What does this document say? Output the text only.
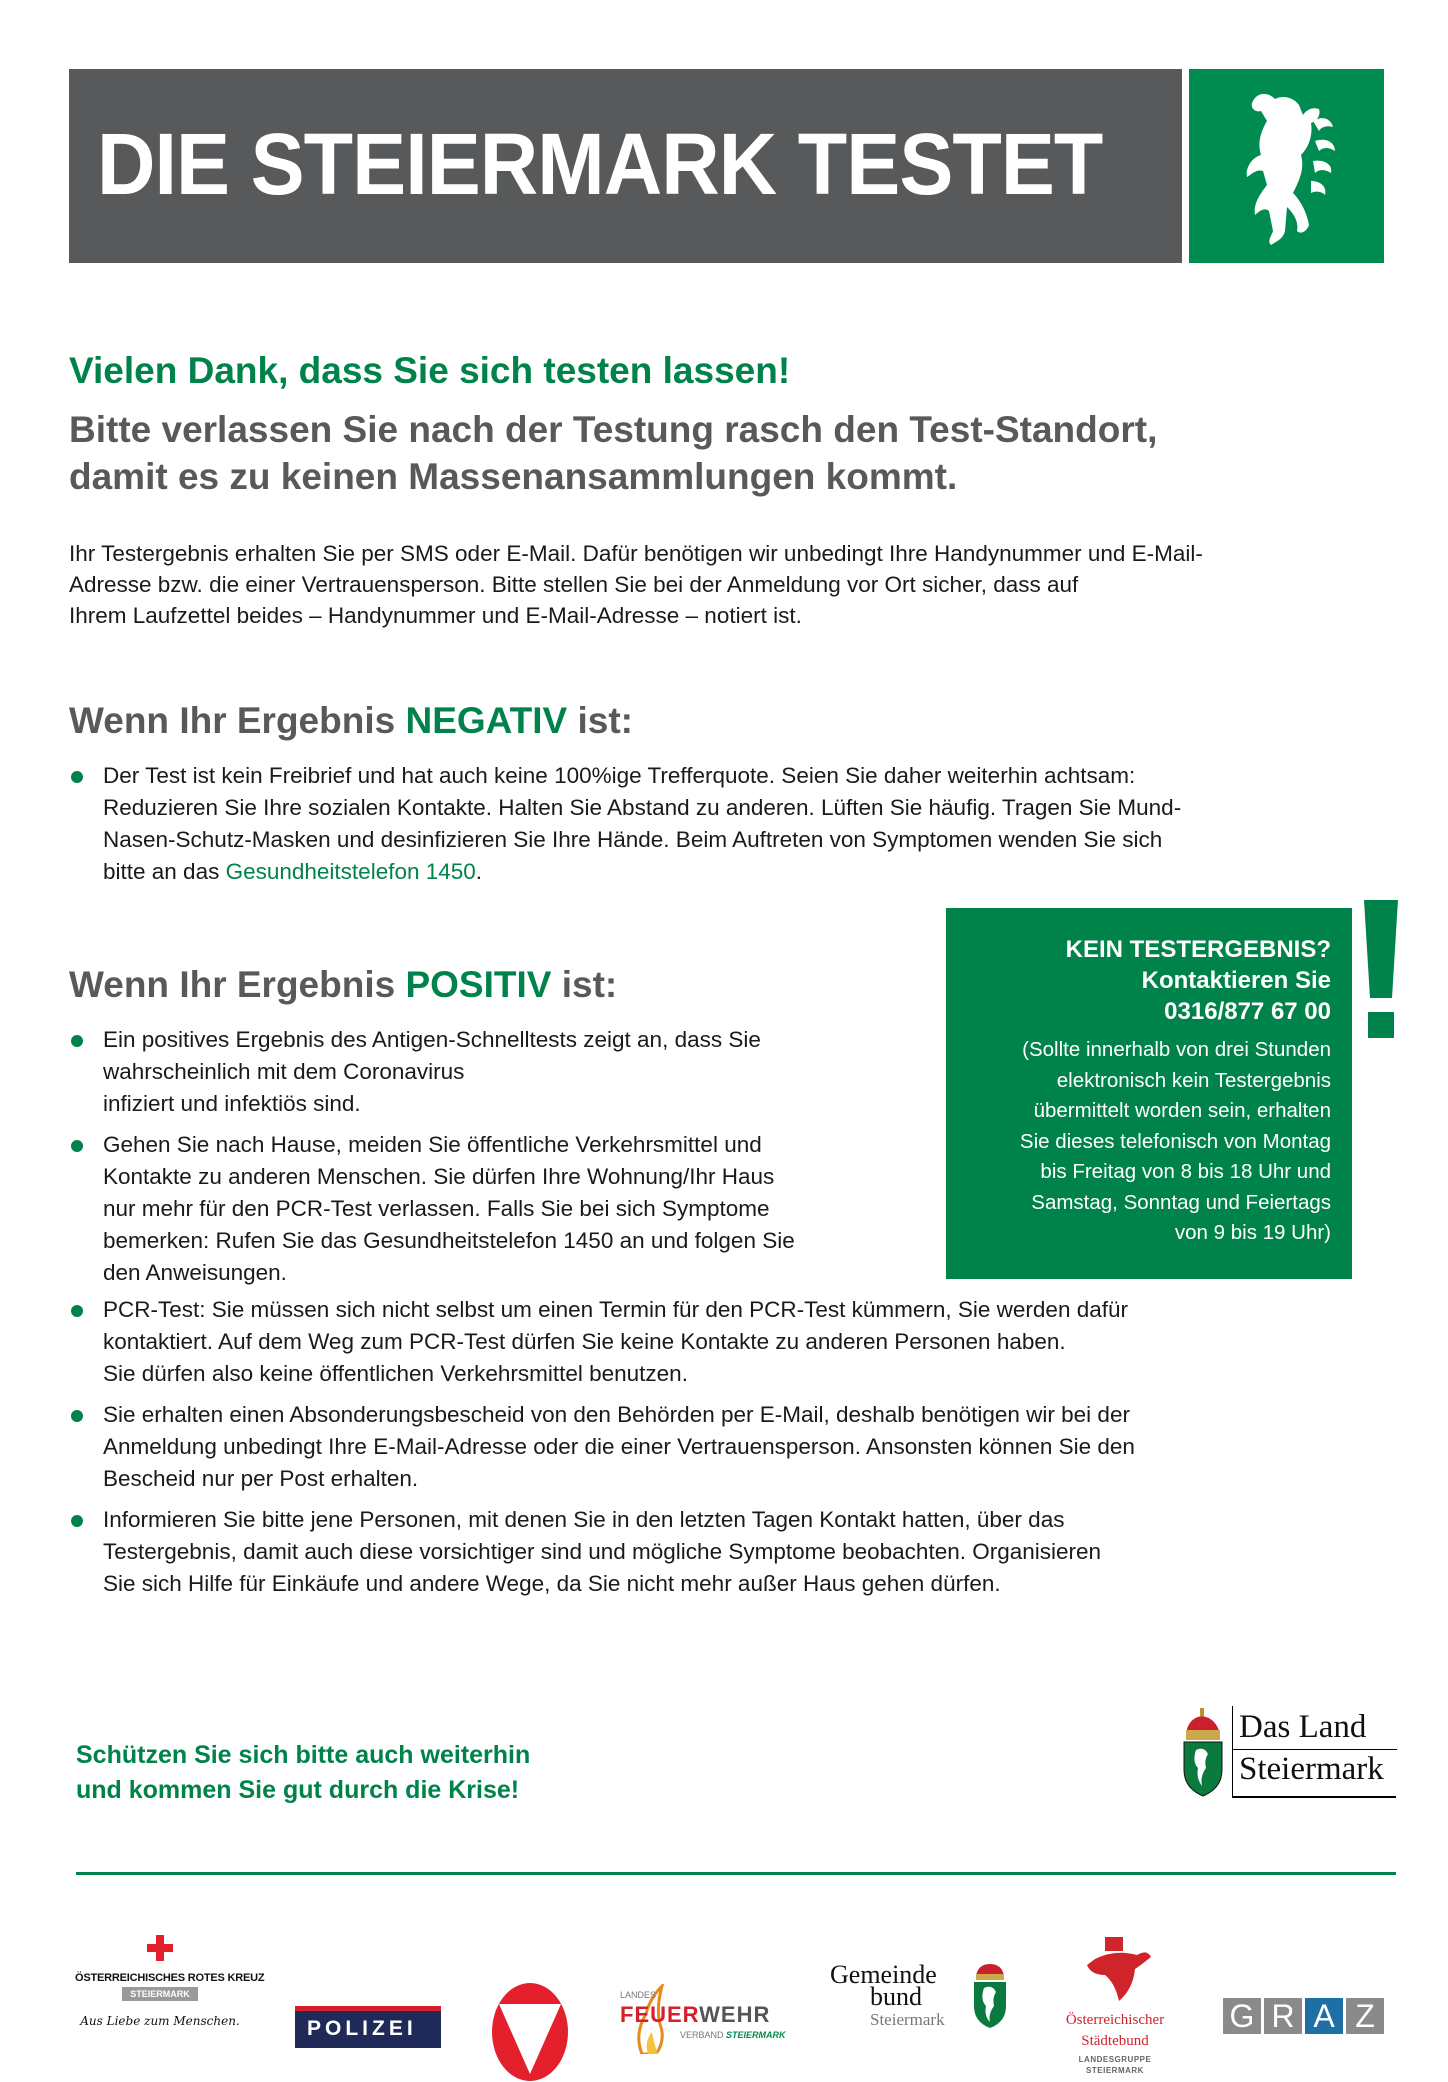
DIE STEIERMARK TESTET
Vielen Dank, dass Sie sich testen lassen!
Bitte verlassen Sie nach der Testung rasch den Test-Standort,
damit es zu keinen Massenansammlungen kommt.
Ihr Testergebnis erhalten Sie per SMS oder E-Mail. Dafür benötigen wir unbedingt Ihre Handynummer und E-Mail-
Adresse bzw. die einer Vertrauensperson. Bitte stellen Sie bei der Anmeldung vor Ort sicher, dass auf
Ihrem Laufzettel beides – Handynummer und E-Mail-Adresse – notiert ist.
Wenn Ihr Ergebnis NEGATIV ist:
Der Test ist kein Freibrief und hat auch keine 100%ige Trefferquote. Seien Sie daher weiterhin achtsam:
Reduzieren Sie Ihre sozialen Kontakte. Halten Sie Abstand zu anderen. Lüften Sie häufig. Tragen Sie Mund-
Nasen-Schutz-Masken und desinfizieren Sie Ihre Hände. Beim Auftreten von Symptomen wenden Sie sich
bitte an das Gesundheitstelefon 1450.
Wenn Ihr Ergebnis POSITIV ist:
Ein positives Ergebnis des Antigen-Schnelltests zeigt an, dass Sie
wahrscheinlich mit dem Coronavirus
infiziert und infektiös sind.
Gehen Sie nach Hause, meiden Sie öffentliche Verkehrsmittel und
Kontakte zu anderen Menschen. Sie dürfen Ihre Wohnung/Ihr Haus
nur mehr für den PCR-Test verlassen. Falls Sie bei sich Symptome
bemerken: Rufen Sie das Gesundheitstelefon 1450 an und folgen Sie
den Anweisungen.
PCR-Test: Sie müssen sich nicht selbst um einen Termin für den PCR-Test kümmern, Sie werden dafür
kontaktiert. Auf dem Weg zum PCR-Test dürfen Sie keine Kontakte zu anderen Personen haben.
Sie dürfen also keine öffentlichen Verkehrsmittel benutzen.
Sie erhalten einen Absonderungsbescheid von den Behörden per E-Mail, deshalb benötigen wir bei der
Anmeldung unbedingt Ihre E-Mail-Adresse oder die einer Vertrauensperson. Ansonsten können Sie den
Bescheid nur per Post erhalten.
Informieren Sie bitte jene Personen, mit denen Sie in den letzten Tagen Kontakt hatten, über das
Testergebnis, damit auch diese vorsichtiger sind und mögliche Symptome beobachten. Organisieren
Sie sich Hilfe für Einkäufe und andere Wege, da Sie nicht mehr außer Haus gehen dürfen.
KEIN TESTERGEBNIS?
Kontaktieren Sie
0316/877 67 00
(Sollte innerhalb von drei Stunden
elektronisch kein Testergebnis
übermittelt worden sein, erhalten
Sie dieses telefonisch von Montag
bis Freitag von 8 bis 18 Uhr und
Samstag, Sonntag und Feiertags
von 9 bis 19 Uhr)
Schützen Sie sich bitte auch weiterhin
und kommen Sie gut durch die Krise!
Das Land
Steiermark
ÖSTERREICHISCHES ROTES KREUZ
STEIERMARK
Aus Liebe zum Menschen.	POLIZEI
LANDES
FEUERWEHR
VERBAND STEIERMARK
Gemeinde
bund
Steiermark	Österreichischer
Städtebund
LANDESGRUPPE
STEIERMARK
G R A Z
